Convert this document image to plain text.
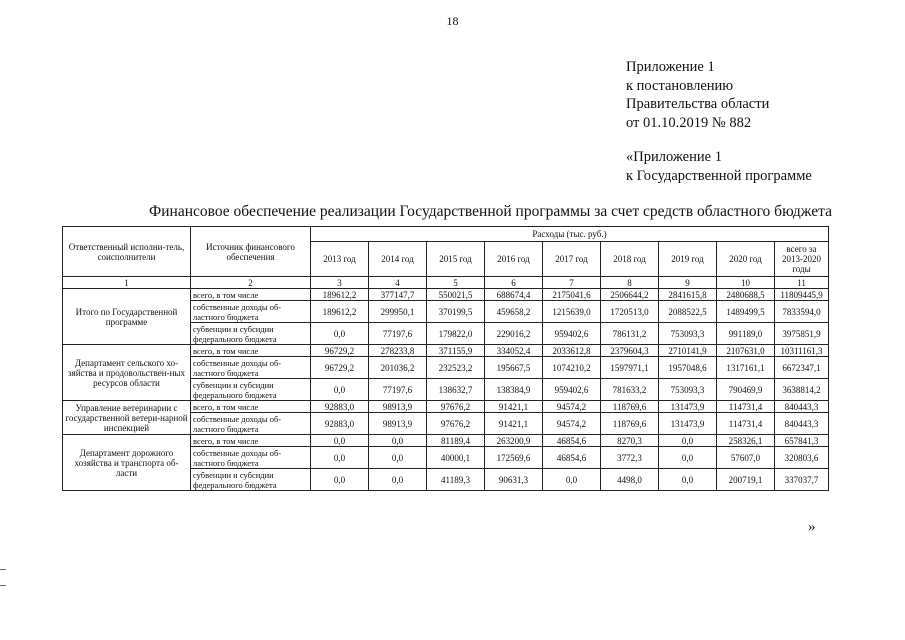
18
Приложение 1
к постановлению
Правительства области
от 01.10.2019 № 882
«Приложение 1
к Государственной программе
Финансовое обеспечение реализации Государственной программы за счет средств областного бюджета
Ответственный исполни-тель, соисполнители	Источник финансового обеспечения	Расходы (тыс. руб.)								
		2013 год	2014 год	2015 год	2016 год	2017 год	2018 год	2019 год	2020 год	всего за 2013-2020 годы
1	2	3	4	5	6	7	8	9	10	11
Итого по Государственной программе	всего, в том числе	189612,2	377147,7	550021,5	688674,4	2175041,6	2506644,2	2841615,8	2480688,5	11809445,9
	собственные доходы об-ластного бюджета	189612,2	299950,1	370199,5	459658,2	1215639,0	1720513,0	2088522,5	1489499,5	7833594,0
	субвенции и субсидии федерального бюджета	0,0	77197,6	179822,0	229016,2	959402,6	786131,2	753093,3	991189,0	3975851,9
Департамент сельского хо-зяйства и продовольствен-ных ресурсов области	всего, в том числе	96729,2	278233,8	371155,9	334052,4	2033612,8	2379604,3	2710141,9	2107631,0	10311161,3
	собственные доходы об-ластного бюджета	96729,2	201036,2	232523,2	195667,5	1074210,2	1597971,1	1957048,6	1317161,1	6672347,1
	субвенции и субсидии федерального бюджета	0,0	77197,6	138632,7	138384,9	959402,6	781633,2	753093,3	790469,9	3638814,2
Управление ветеринарии с государственной ветери-нарной инспекцией	всего, в том числе	92883,0	98913,9	97676,2	91421,1	94574,2	118769,6	131473,9	114731,4	840443,3
	собственные доходы об-ластного бюджета	92883,0	98913,9	97676,2	91421,1	94574,2	118769,6	131473,9	114731,4	840443,3
Департамент дорожного хозяйства и транспорта об-ласти	всего, в том числе	0,0	0,0	81189,4	263200,9	46854,6	8270,3	0,0	258326,1	657841,3
	собственные доходы об-ластного бюджета	0,0	0,0	40000,1	172569,6	46854,6	3772,3	0,0	57607,0	320803,6
	субвенции и субсидии федерального бюджета	0,0	0,0	41189,3	90631,3	0,0	4498,0	0,0	200719,1	337037,7
»
